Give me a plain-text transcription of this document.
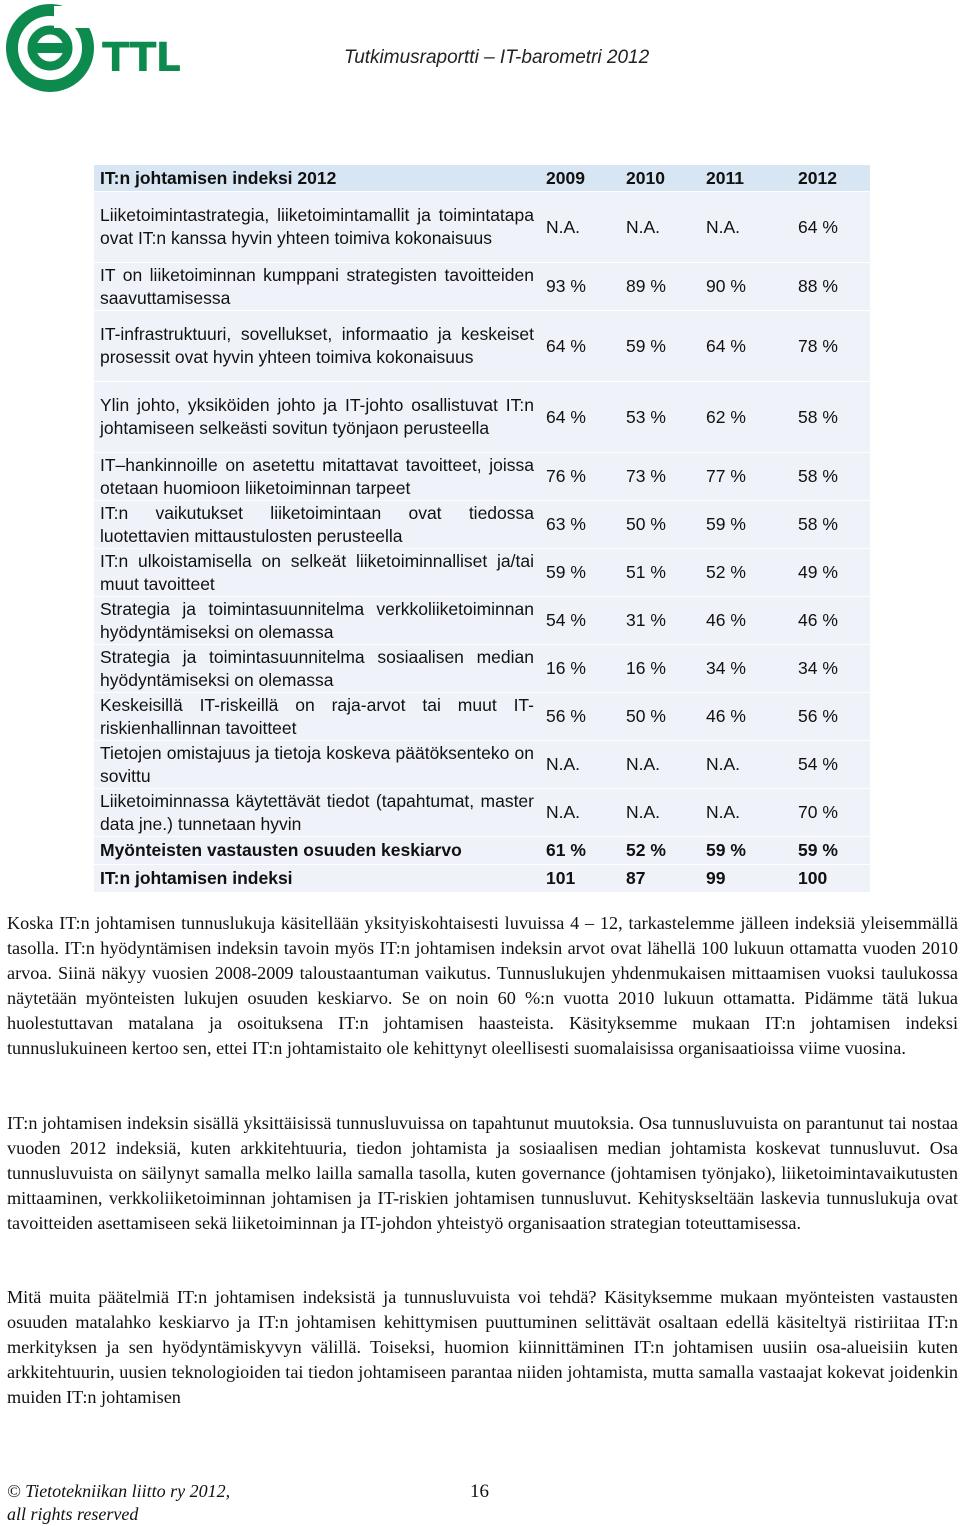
TTL	Tutkimusraportti – IT-barometri 2012
IT:n johtamisen indeksi 2012	2009	2010	2011	2012
Liiketoimintastrategia, liiketoimintamallit ja toimintatapa ovat IT:n kanssa hyvin yhteen toimiva kokonaisuus	N.A.	N.A.	N.A.	64 %
IT on liiketoiminnan kumppani strategisten tavoitteiden saavuttamisessa	93 %	89 %	90 %	88 %
IT-infrastruktuuri, sovellukset, informaatio ja keskeiset prosessit ovat hyvin yhteen toimiva kokonaisuus	64 %	59 %	64 %	78 %
Ylin johto, yksiköiden johto ja IT-johto osallistuvat IT:n johtamiseen selkeästi sovitun työnjaon perusteella	64 %	53 %	62 %	58 %
IT–hankinnoille on asetettu mitattavat tavoitteet, joissa otetaan huomioon liiketoiminnan tarpeet	76 %	73 %	77 %	58 %
IT:n vaikutukset liiketoimintaan ovat tiedossa luotettavien mittaustulosten perusteella	63 %	50 %	59 %	58 %
IT:n ulkoistamisella on selkeät liiketoiminnalliset ja/tai muut tavoitteet	59 %	51 %	52 %	49 %
Strategia ja toimintasuunnitelma verkkoliiketoiminnan hyödyntämiseksi on olemassa	54 %	31 %	46 %	46 %
Strategia ja toimintasuunnitelma sosiaalisen median hyödyntämiseksi on olemassa	16 %	16 %	34 %	34 %
Keskeisillä IT-riskeillä on raja-arvot tai muut IT-riskienhallinnan tavoitteet	56 %	50 %	46 %	56 %
Tietojen omistajuus ja tietoja koskeva päätöksenteko on sovittu	N.A.	N.A.	N.A.	54 %
Liiketoiminnassa käytettävät tiedot (tapahtumat, master data jne.) tunnetaan hyvin	N.A.	N.A.	N.A.	70 %
Myönteisten vastausten osuuden keskiarvo	61 %	52 %	59 %	59 %
IT:n johtamisen indeksi	101	87	99	100

Koska IT:n johtamisen tunnuslukuja käsitellään yksityiskohtaisesti luvuissa 4 – 12, tarkastelemme jälleen indeksiä yleisemmällä tasolla. IT:n hyödyntämisen indeksin tavoin myös IT:n johtamisen indeksin arvot ovat lähellä 100 lukuun ottamatta vuoden 2010 arvoa. Siinä näkyy vuosien 2008-2009 taloustaantuman vaikutus. Tunnuslukujen yhdenmukaisen mittaamisen vuoksi taulukossa näytetään myönteisten lukujen osuuden keskiarvo. Se on noin 60 %:n vuotta 2010 lukuun ottamatta. Pidämme tätä lukua huolestuttavan matalana ja osoituksena IT:n johtamisen haasteista. Käsityksemme mukaan IT:n johtamisen indeksi tunnuslukuineen kertoo sen, ettei IT:n johtamistaito ole kehittynyt oleellisesti suomalaisissa organisaatioissa viime vuosina.

IT:n johtamisen indeksin sisällä yksittäisissä tunnusluvuissa on tapahtunut muutoksia. Osa tunnusluvuista on parantunut tai nostaa vuoden 2012 indeksiä, kuten arkkitehtuuria, tiedon johtamista ja sosiaalisen median johtamista koskevat tunnusluvut. Osa tunnusluvuista on säilynyt samalla melko lailla samalla tasolla, kuten governance (johtamisen työnjako), liiketoimintavaikutusten mittaaminen, verkkoliiketoiminnan johtamisen ja IT-riskien johtamisen tunnusluvut. Kehityskseltään laskevia tunnuslukuja ovat tavoitteiden asettamiseen sekä liiketoiminnan ja IT-johdon yhteistyö organisaation strategian toteuttamisessa.

Mitä muita päätelmiä IT:n johtamisen indeksistä ja tunnusluvuista voi tehdä? Käsityksemme mukaan myönteisten vastausten osuuden matalahko keskiarvo ja IT:n johtamisen kehittymisen puuttuminen selittävät osaltaan edellä käsiteltyä ristiriitaa IT:n merkityksen ja sen hyödyntämiskyvyn välillä. Toiseksi, huomion kiinnittäminen IT:n johtamisen uusiin osa-alueisiin kuten arkkitehtuurin, uusien teknologioiden tai tiedon johtamiseen parantaa niiden johtamista, mutta samalla vastaajat kokevat joidenkin muiden IT:n johtamisen

© Tietotekniikan liitto ry 2012,
all rights reserved
16
